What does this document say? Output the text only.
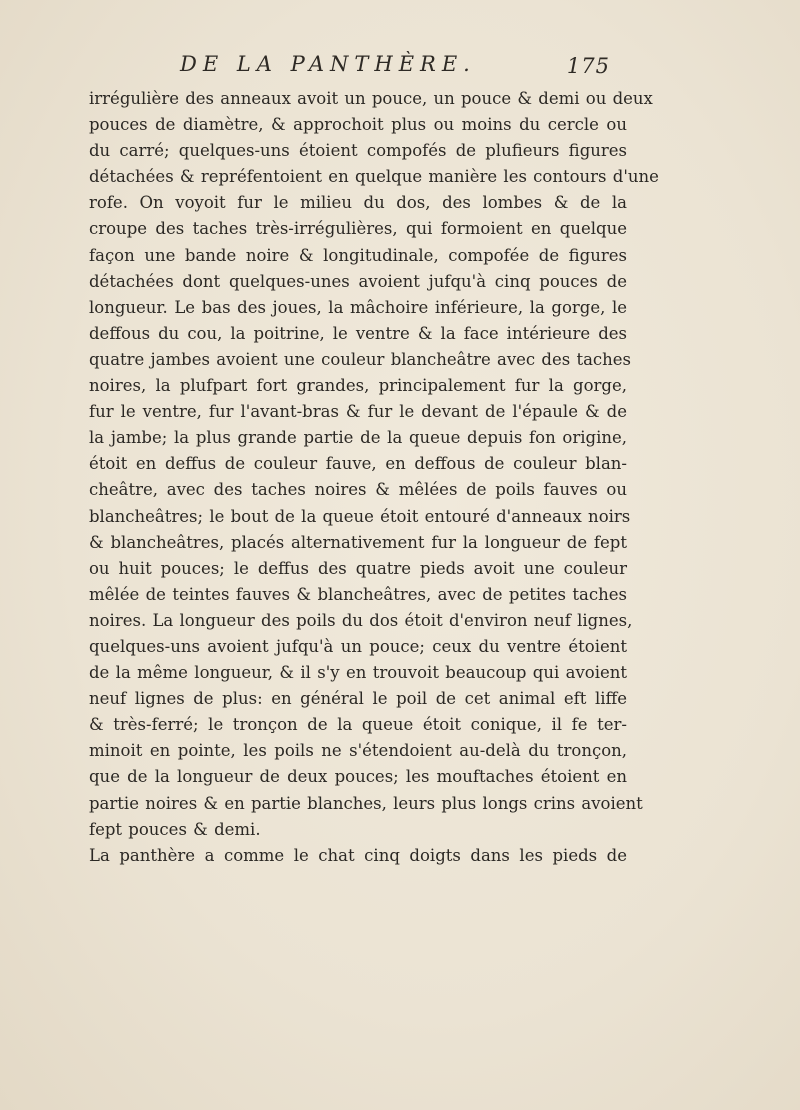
DE LA PANTHÈRE.	175
irrégulière des anneaux avoit un pouce, un pouce & demi ou deux
pouces de diamètre, & approchoit plus ou moins du cercle ou
du carré; quelques-uns étoient compofés de plufieurs figures
détachées & repréfentoient en quelque manière les contours d'une
rofe. On voyoit fur le milieu du dos, des lombes & de la
croupe des taches très-irrégulières, qui formoient en quelque
façon une bande noire & longitudinale, compofée de figures
détachées dont quelques-unes avoient jufqu'à cinq pouces de
longueur. Le bas des joues, la mâchoire inférieure, la gorge, le
deffous du cou, la poitrine, le ventre & la face intérieure des
quatre jambes avoient une couleur blancheâtre avec des taches
noires, la plufpart fort grandes, principalement fur la gorge,
fur le ventre, fur l'avant-bras & fur le devant de l'épaule & de
la jambe; la plus grande partie de la queue depuis fon origine,
étoit en deffus de couleur fauve, en deffous de couleur blan-
cheâtre, avec des taches noires & mêlées de poils fauves ou
blancheâtres; le bout de la queue étoit entouré d'anneaux noirs
& blancheâtres, placés alternativement fur la longueur de fept
ou huit pouces; le deffus des quatre pieds avoit une couleur
mêlée de teintes fauves & blancheâtres, avec de petites taches
noires. La longueur des poils du dos étoit d'environ neuf lignes,
quelques-uns avoient jufqu'à un pouce; ceux du ventre étoient
de la même longueur, & il s'y en trouvoit beaucoup qui avoient
neuf lignes de plus: en général le poil de cet animal eft liffe
& très-ferré; le tronçon de la queue étoit conique, il fe ter-
minoit en pointe, les poils ne s'étendoient au-delà du tronçon,
que de la longueur de deux pouces; les mouftaches étoient en
partie noires & en partie blanches, leurs plus longs crins avoient
fept pouces & demi.
La panthère a comme le chat cinq doigts dans les pieds de
